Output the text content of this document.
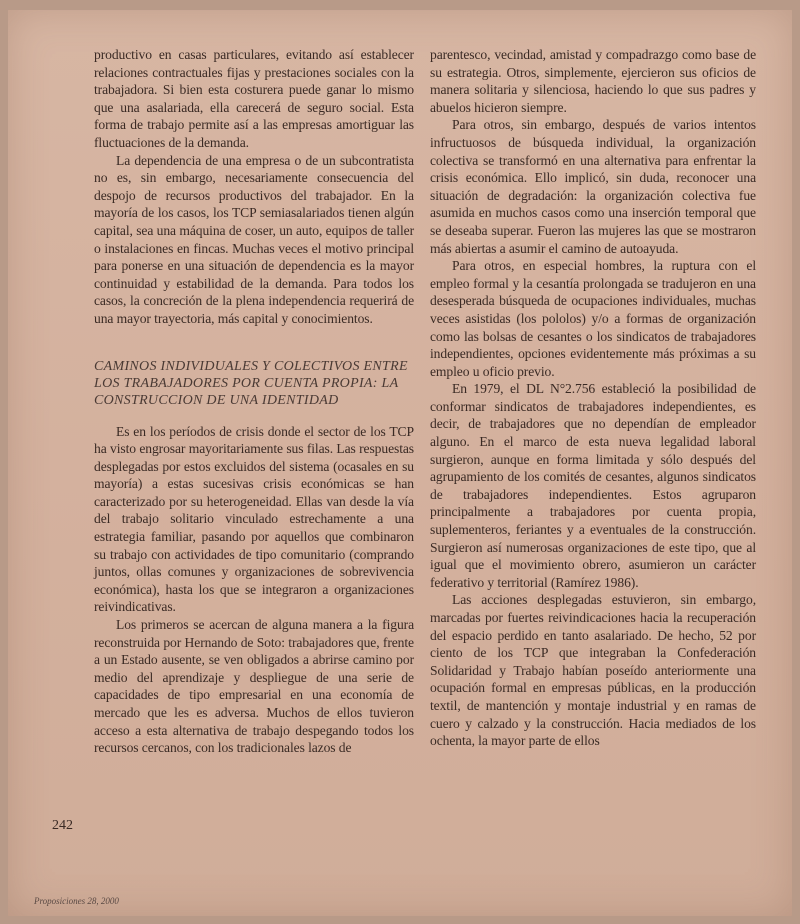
productivo en casas particulares, evitando así establecer relaciones contractuales fijas y prestaciones sociales con la trabajadora. Si bien esta costurera puede ganar lo mismo que una asalariada, ella carecerá de seguro social. Esta forma de trabajo permite así a las empresas amortiguar las fluctuaciones de la demanda.

La dependencia de una empresa o de un subcontratista no es, sin embargo, necesariamente consecuencia del despojo de recursos productivos del trabajador. En la mayoría de los casos, los TCP semiasalariados tienen algún capital, sea una máquina de coser, un auto, equipos de taller o instalaciones en fincas. Muchas veces el motivo principal para ponerse en una situación de dependencia es la mayor continuidad y estabilidad de la demanda. Para todos los casos, la concreción de la plena independencia requerirá de una mayor trayectoria, más capital y conocimientos.

CAMINOS INDIVIDUALES Y COLECTIVOS ENTRE LOS TRABAJADORES POR CUENTA PROPIA: LA CONSTRUCCION DE UNA IDENTIDAD

Es en los períodos de crisis donde el sector de los TCP ha visto engrosar mayoritariamente sus filas. Las respuestas desplegadas por estos excluidos del sistema (ocasales en su mayoría) a estas sucesivas crisis económicas se han caracterizado por su heterogeneidad. Ellas van desde la vía del trabajo solitario vinculado estrechamente a una estrategia familiar, pasando por aquellos que combinaron su trabajo con actividades de tipo comunitario (comprando juntos, ollas comunes y organizaciones de sobrevivencia económica), hasta los que se integraron a organizaciones reivindicativas.

Los primeros se acercan de alguna manera a la figura reconstruida por Hernando de Soto: trabajadores que, frente a un Estado ausente, se ven obligados a abrirse camino por medio del aprendizaje y despliegue de una serie de capacidades de tipo empresarial en una economía de mercado que les es adversa. Muchos de ellos tuvieron acceso a esta alternativa de trabajo despegando todos los recursos cercanos, con los tradicionales lazos de

parentesco, vecindad, amistad y compadrazgo como base de su estrategia. Otros, simplemente, ejercieron sus oficios de manera solitaria y silenciosa, haciendo lo que sus padres y abuelos hicieron siempre.

Para otros, sin embargo, después de varios intentos infructuosos de búsqueda individual, la organización colectiva se transformó en una alternativa para enfrentar la crisis económica. Ello implicó, sin duda, reconocer una situación de degradación: la organización colectiva fue asumida en muchos casos como una inserción temporal que se deseaba superar. Fueron las mujeres las que se mostraron más abiertas a asumir el camino de autoayuda.

Para otros, en especial hombres, la ruptura con el empleo formal y la cesantía prolongada se tradujeron en una desesperada búsqueda de ocupaciones individuales, muchas veces asistidas (los pololos) y/o a formas de organización como las bolsas de cesantes o los sindicatos de trabajadores independientes, opciones evidentemente más próximas a su empleo u oficio previo.

En 1979, el DL N°2.756 estableció la posibilidad de conformar sindicatos de trabajadores independientes, es decir, de trabajadores que no dependían de empleador alguno. En el marco de esta nueva legalidad laboral surgieron, aunque en forma limitada y sólo después del agrupamiento de los comités de cesantes, algunos sindicatos de trabajadores independientes. Estos agruparon principalmente a trabajadores por cuenta propia, suplementeros, feriantes y a eventuales de la construcción. Surgieron así numerosas organizaciones de este tipo, que al igual que el movimiento obrero, asumieron un carácter federativo y territorial (Ramírez 1986).

Las acciones desplegadas estuvieron, sin embargo, marcadas por fuertes reivindicaciones hacia la recuperación del espacio perdido en tanto asalariado. De hecho, 52 por ciento de los TCP que integraban la Confederación Solidaridad y Trabajo habían poseído anteriormente una ocupación formal en empresas públicas, en la producción textil, de mantención y montaje industrial y en ramas de cuero y calzado y la construcción. Hacia mediados de los ochenta, la mayor parte de ellos

242
Proposiciones 28, 2000
